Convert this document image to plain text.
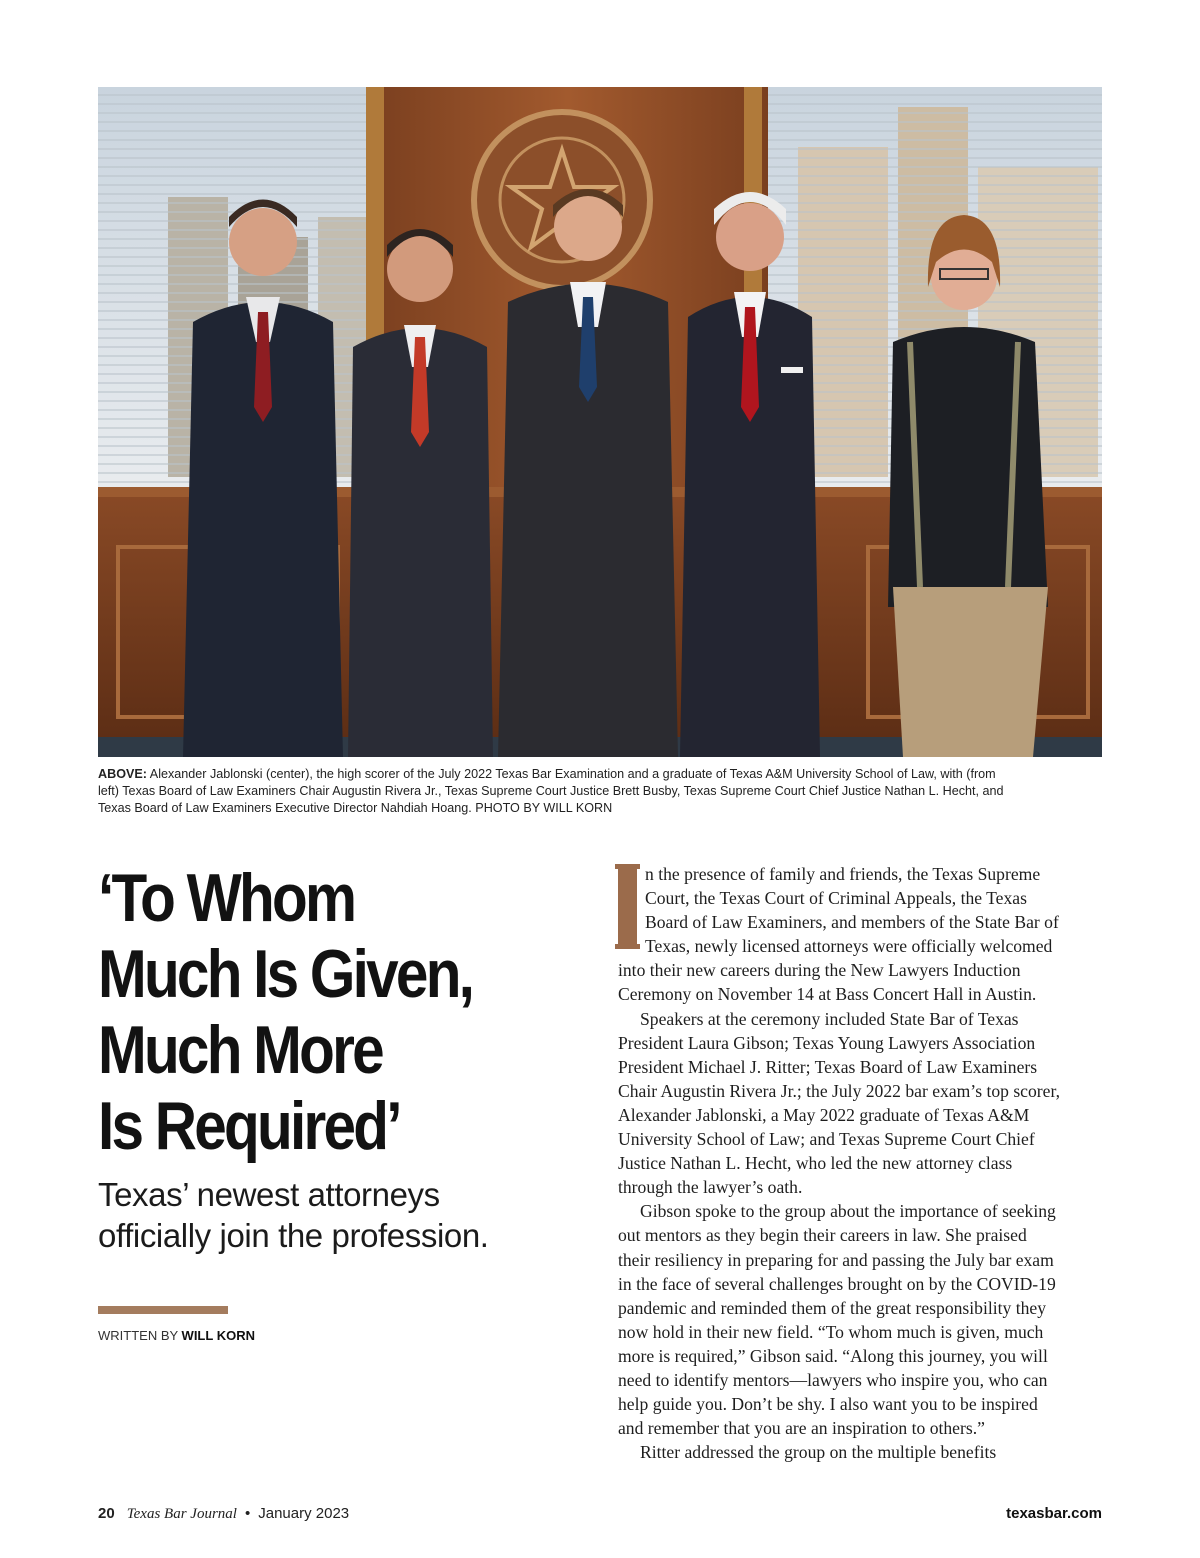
ABOVE: Alexander Jablonski (center), the high scorer of the July 2022 Texas Bar Examination and a graduate of Texas A&M University School of Law, with (from
left) Texas Board of Law Examiners Chair Augustin Rivera Jr., Texas Supreme Court Justice Brett Busby, Texas Supreme Court Chief Justice Nathan L. Hecht, and
Texas Board of Law Examiners Executive Director Nahdiah Hoang. PHOTO BY WILL KORN
‘To Whom
Much Is Given,
Much More
Is Required’

Texas’ newest attorneys
officially join the profession.

WRITTEN BY WILL KORN
n the presence of family and friends, the Texas Supreme
Court, the Texas Court of Criminal Appeals, the Texas
Board of Law Examiners, and members of the State Bar of
Texas, newly licensed attorneys were officially welcomed
into their new careers during the New Lawyers Induction
Ceremony on November 14 at Bass Concert Hall in Austin.
Speakers at the ceremony included State Bar of Texas
President Laura Gibson; Texas Young Lawyers Association
President Michael J. Ritter; Texas Board of Law Examiners
Chair Augustin Rivera Jr.; the July 2022 bar exam’s top scorer,
Alexander Jablonski, a May 2022 graduate of Texas A&M
University School of Law; and Texas Supreme Court Chief
Justice Nathan L. Hecht, who led the new attorney class
through the lawyer’s oath.
Gibson spoke to the group about the importance of seeking
out mentors as they begin their careers in law. She praised
their resiliency in preparing for and passing the July bar exam
in the face of several challenges brought on by the COVID-19
pandemic and reminded them of the great responsibility they
now hold in their new field. “To whom much is given, much
more is required,” Gibson said. “Along this journey, you will
need to identify mentors—lawyers who inspire you, who can
help guide you. Don’t be shy. I also want you to be inspired
and remember that you are an inspiration to others.”
Ritter addressed the group on the multiple benefits
20 Texas Bar Journal • January 2023	texasbar.com
